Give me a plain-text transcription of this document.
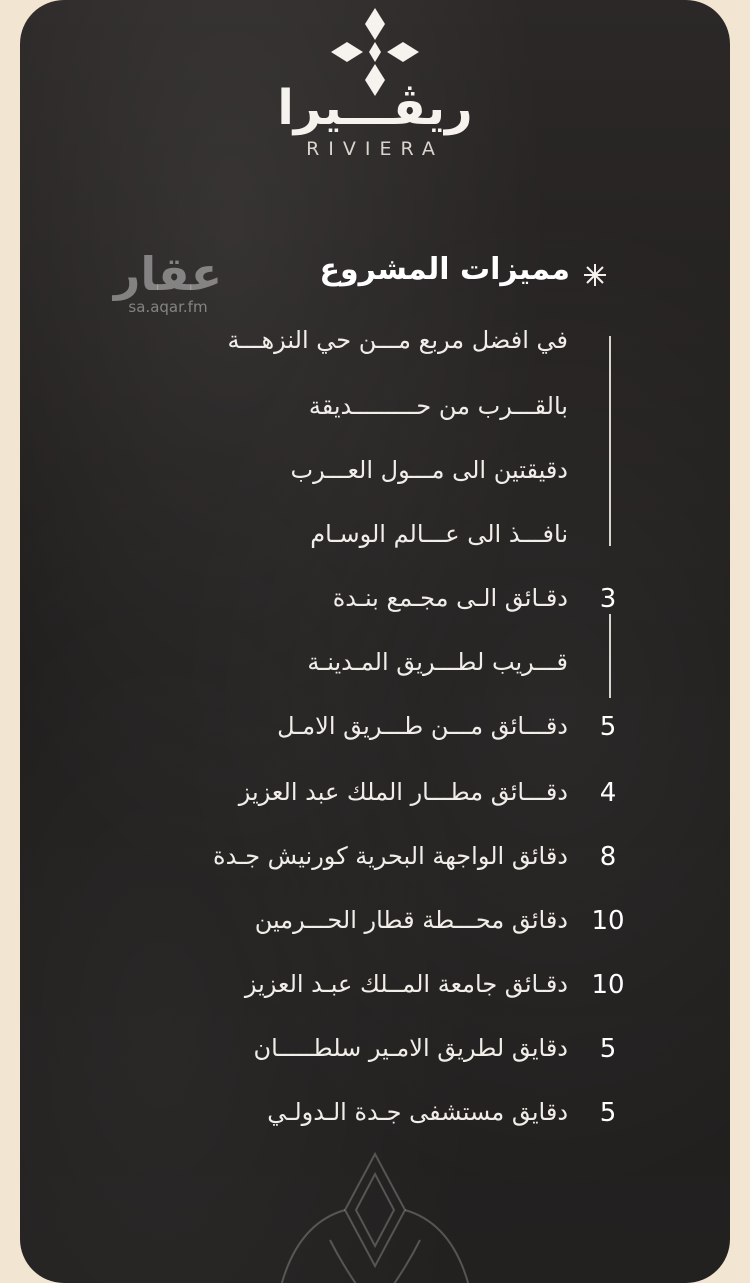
ريڤـــيرا
RIVIERA
عقار
sa.aqar.fm
مميزات المشروع
في افضل مربع مـــن حي النزهـــة
بالقـــرب من حـــــــــديقة
دقيقتين الى مـــول العـــرب
نافـــذ الى عـــالم الوسـام
3
دقـائق الـى مجـمع بنـدة
قـــريب لطـــريق المـدينـة
5
دقـــائق مـــن طـــريق الامـل
4
دقـــائق مطـــار الملك عبد العزيز
8
دقائق الواجهة البحرية كورنيش جـدة
10
دقائق محـــطة قطار الحـــرمين
10
دقـائق جامعة المــلك عبـد العزيز
5
دقايق لطريق الامـير سلطـــــان
5
دقايق مستشفى جـدة الـدولـي
